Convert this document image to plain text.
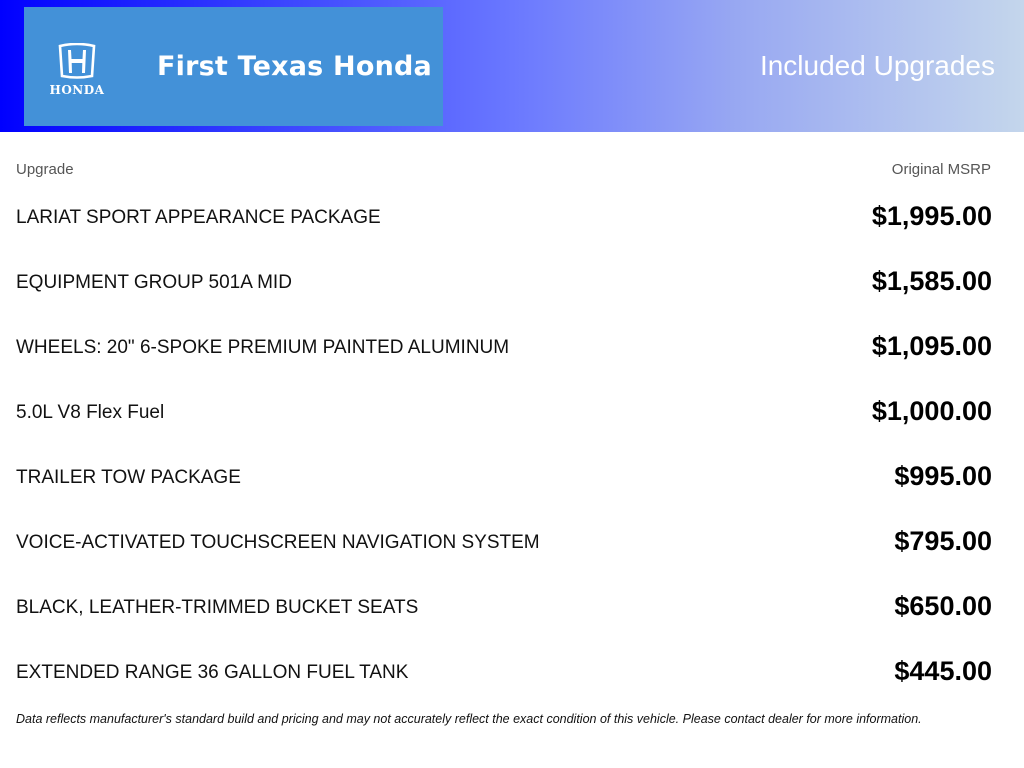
HONDA
First Texas Honda	Included Upgrades
Upgrade	Original MSRP
LARIAT SPORT APPEARANCE PACKAGE	$1,995.00
EQUIPMENT GROUP 501A MID	$1,585.00
WHEELS: 20" 6-SPOKE PREMIUM PAINTED ALUMINUM	$1,095.00
5.0L V8 Flex Fuel	$1,000.00
TRAILER TOW PACKAGE	$995.00
VOICE-ACTIVATED TOUCHSCREEN NAVIGATION SYSTEM	$795.00
BLACK, LEATHER-TRIMMED BUCKET SEATS	$650.00
EXTENDED RANGE 36 GALLON FUEL TANK	$445.00
Data reflects manufacturer's standard build and pricing and may not accurately reflect the exact condition of this vehicle. Please contact dealer for more information.
